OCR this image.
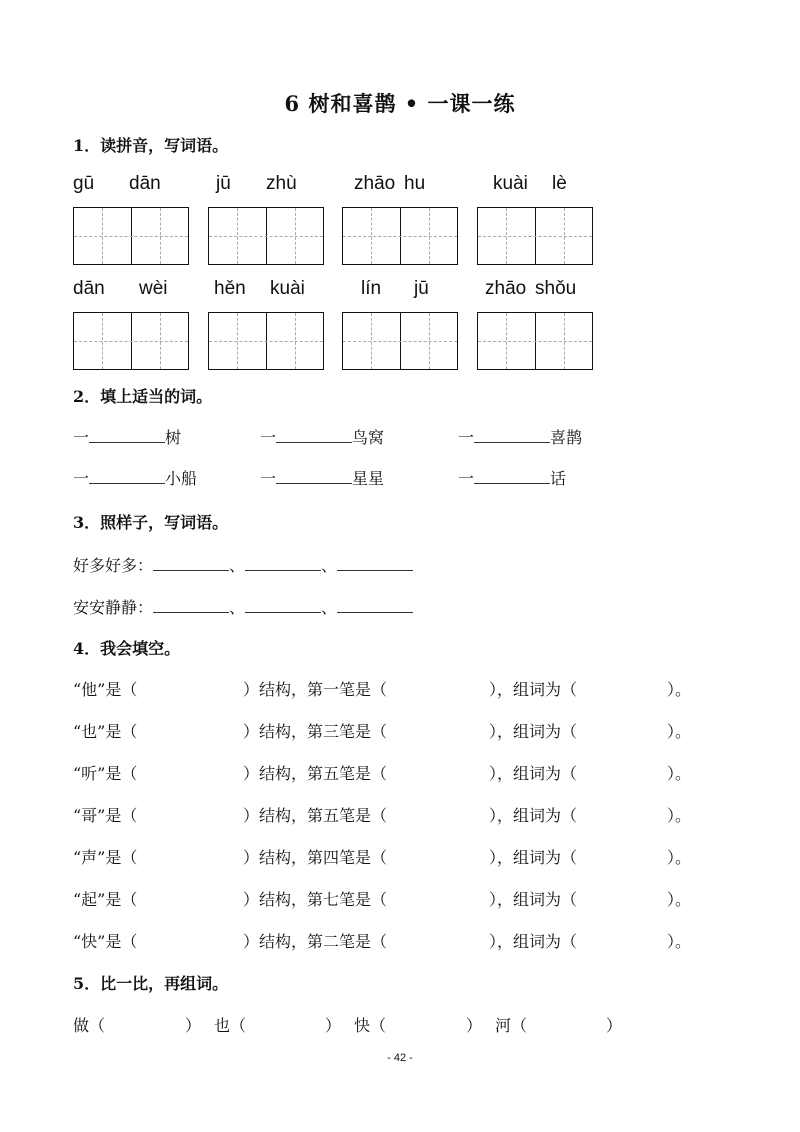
6 树和喜鹊 • 一课一练
1．读拼音，写词语。
gū dān	jū zhù	zhāo hu	kuài lè
dān wèi hěn kuài	lín jū	zhāo shǒu
2．填上适当的词。
一	树	一	鸟窝	一	喜鹊
一	小船	一	星星	一	话
3．照样子，写词语。
好多好多：	、	、
安安静静：	、	、
4．我会填空。
“他”是（	）结构，第一笔是（	），组词为（	）。
“也”是（	）结构，第三笔是（	），组词为（	）。
“听”是（	）结构，第五笔是（	），组词为（	）。
“哥”是（	）结构，第五笔是（	），组词为（	）。
“声”是（	）结构，第四笔是（	），组词为（	）。
“起”是（	）结构，第七笔是（	），组词为（	）。
“快”是（	）结构，第二笔是（	），组词为（	）。
5．比一比，再组词。
做（	） 也（	） 快（	） 河（	）
- 42 -
